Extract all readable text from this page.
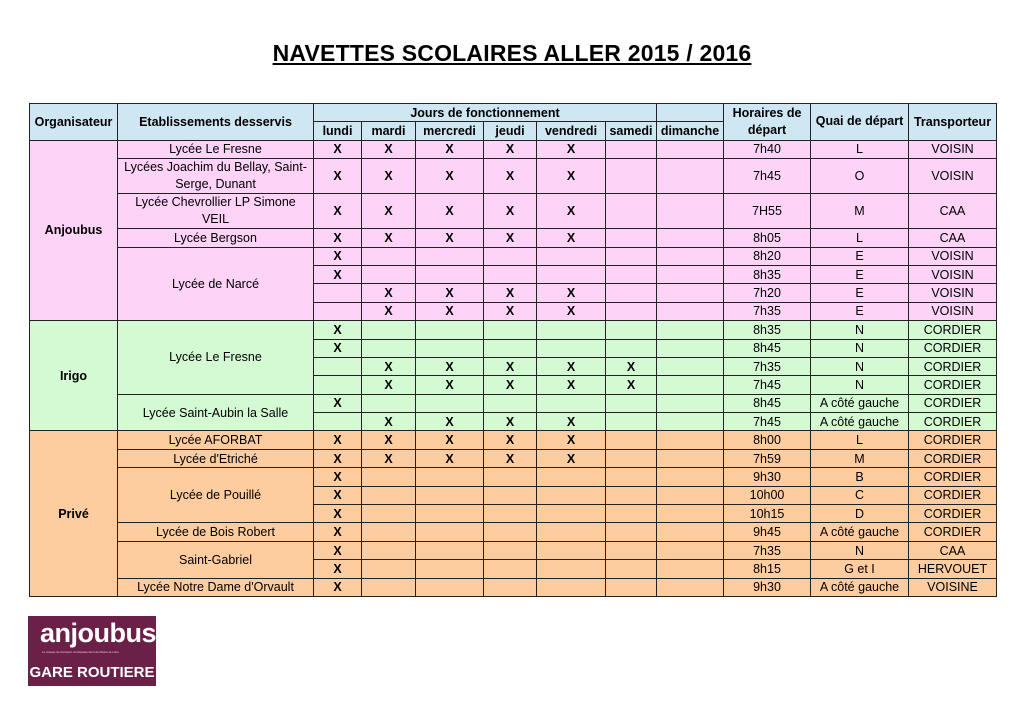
NAVETTES SCOLAIRES ALLER 2015 / 2016
Organisateur	Etablissements desservis	Jours de fonctionnement							Horaires de départ	Quai de départ	Transporteur
		lundi	mardi	mercredi	jeudi	vendredi	samedi	dimanche			
Anjoubus	Lycée Le Fresne	X	X	X	X	X			7h40	L	VOISIN
	Lycées Joachim du Bellay, Saint-Serge, Dunant	X	X	X	X	X			7h45	O	VOISIN
	Lycée Chevrollier LP Simone VEIL	X	X	X	X	X			7H55	M	CAA
	Lycée Bergson	X	X	X	X	X			8h05	L	CAA
	Lycée de Narcé	X							8h20	E	VOISIN
		X							8h35	E	VOISIN
			X	X	X	X			7h20	E	VOISIN
			X	X	X	X			7h35	E	VOISIN
Irigo	Lycée Le Fresne	X							8h35	N	CORDIER
		X							8h45	N	CORDIER
			X	X	X	X	X		7h35	N	CORDIER
			X	X	X	X	X		7h45	N	CORDIER
	Lycée Saint-Aubin la Salle	X							8h45	A côté gauche	CORDIER
			X	X	X	X			7h45	A côté gauche	CORDIER
Privé	Lycée AFORBAT	X	X	X	X	X			8h00	L	CORDIER
	Lycée d'Etriché	X	X	X	X	X			7h59	M	CORDIER
	Lycée de Pouillé	X							9h30	B	CORDIER
		X							10h00	C	CORDIER
		X							10h15	D	CORDIER
	Lycée de Bois Robert	X							9h45	A côté gauche	CORDIER
	Saint-Gabriel	X							7h35	N	CAA
		X							8h15	G et I	HERVOUET
	Lycée Notre Dame d'Orvault	X							9h30	A côté gauche	VOISINE
anjoubus
Le réseau de transport du Département de Maine-et-Loire
GARE ROUTIERE
